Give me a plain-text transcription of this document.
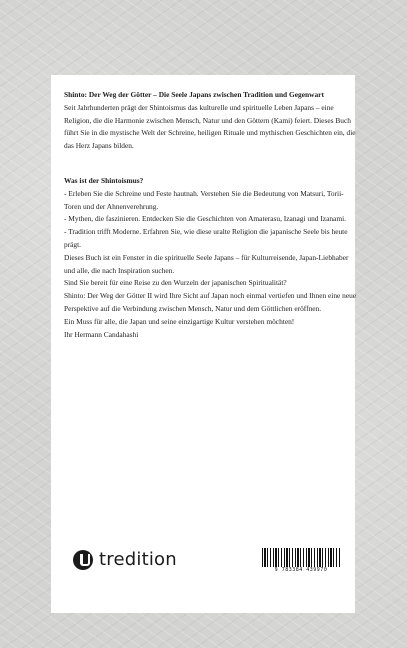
Shinto: Der Weg der Götter – Die Seele Japans zwischen Tradition und Gegenwart

Seit Jahrhunderten prägt der Shintoismus das kulturelle und spirituelle Leben Japans – eine Religion, die die Harmonie zwischen Mensch, Natur und den Göttern (Kami) feiert. Dieses Buch führt Sie in die mystische Welt der Schreine, heiligen Rituale und mythischen Geschichten ein, die das Herz Japans bilden.

Was ist der Shintoismus?

- Erleben Sie die Schreine und Feste hautnah. Verstehen Sie die Bedeutung von Matsuri, Torii-Toren und der Ahnenverehrung.

- Mythen, die faszinieren. Entdecken Sie die Geschichten von Amaterasu, Izanagi und Izanami.

- Tradition trifft Moderne. Erfahren Sie, wie diese uralte Religion die japanische Seele bis heute prägt.

Dieses Buch ist ein Fenster in die spirituelle Seele Japans – für Kulturreisende, Japan-Liebhaber und alle, die nach Inspiration suchen.

Sind Sie bereit für eine Reise zu den Wurzeln der japanischen Spiritualität?

Shinto: Der Weg der Götter II wird Ihre Sicht auf Japan noch einmal vertiefen und Ihnen eine neue Perspektive auf die Verbindung zwischen Mensch, Natur und dem Göttlichen eröffnen.

Ein Muss für alle, die Japan und seine einzigartige Kultur verstehen möchten!

Ihr Hermann Candahashi

tredition	9 783384 439970
